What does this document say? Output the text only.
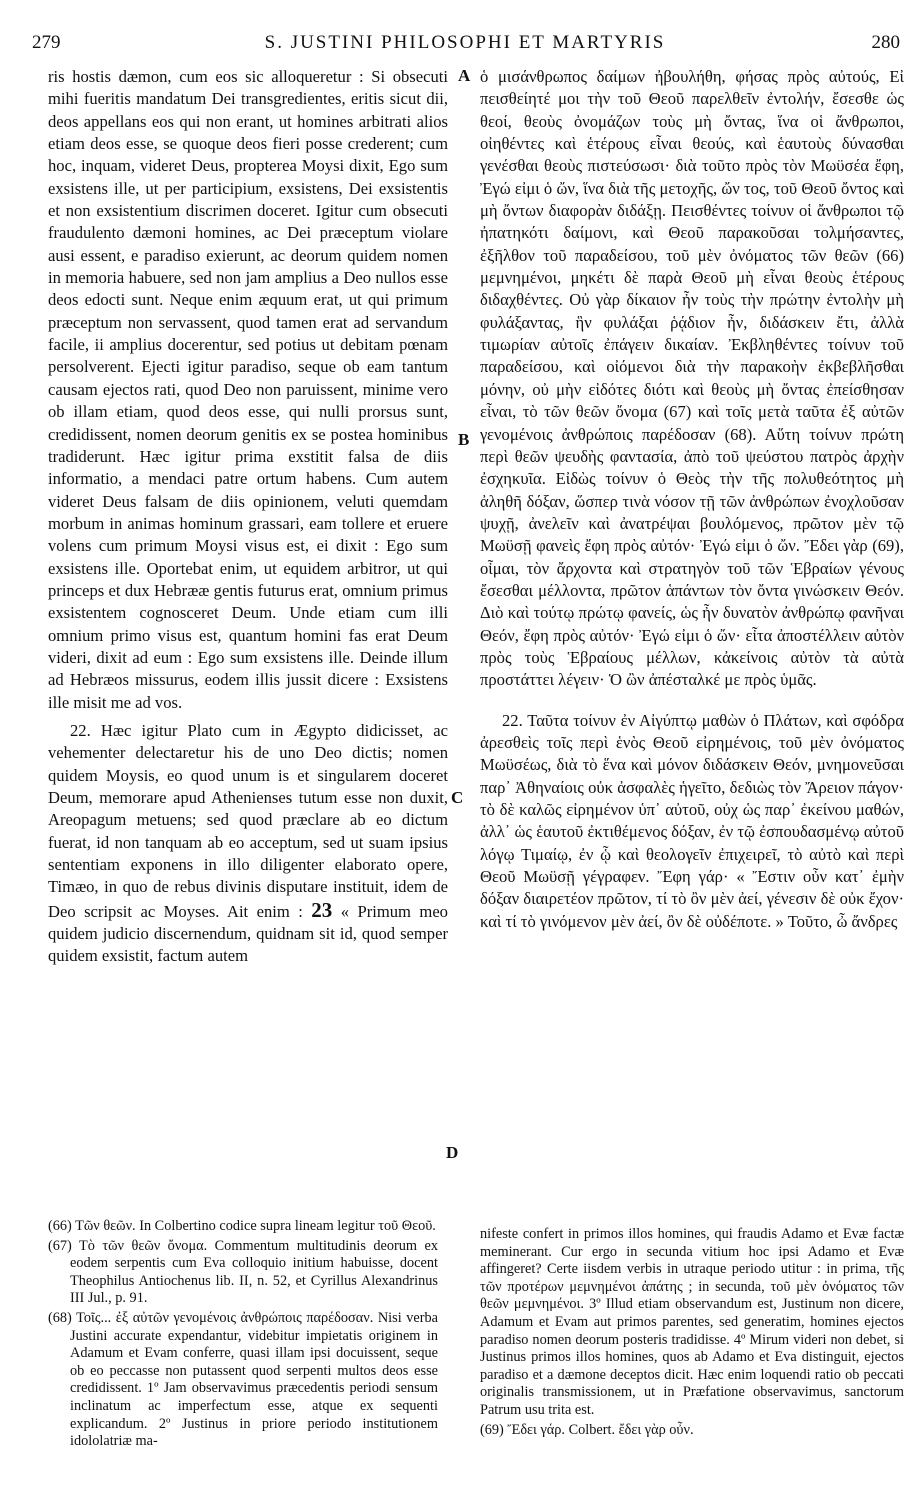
279	S. JUSTINI PHILOSOPHI ET MARTYRIS	280
A
B
C
D

ris hostis dæmon, cum eos sic alloqueretur : Si obsecuti mihi fueritis mandatum Dei transgredientes, eritis sicut dii, deos appellans eos qui non erant, ut homines arbitrati alios etiam deos esse, se quoque deos fieri posse crederent; cum hoc, inquam, videret Deus, propterea Moysi dixit, Ego sum exsistens ille, ut per participium, exsistens, Dei exsistentis et non exsistentium discrimen doceret. Igitur cum obsecuti fraudulento dæmoni homines, ac Dei præceptum violare ausi essent, e paradiso exierunt, ac deorum quidem nomen in memoria habuere, sed non jam amplius a Deo nullos esse deos edocti sunt. Neque enim æquum erat, ut qui primum præceptum non servassent, quod tamen erat ad servandum facile, ii amplius docerentur, sed potius ut debitam pœnam persolverent. Ejecti igitur paradiso, seque ob eam tantum causam ejectos rati, quod Deo non paruissent, minime vero ob illam etiam, quod deos esse, qui nulli prorsus sunt, credidissent, nomen deorum genitis ex se postea hominibus tradiderunt. Hæc igitur prima exstitit falsa de diis informatio, a mendaci patre ortum habens. Cum autem videret Deus falsam de diis opinionem, veluti quemdam morbum in animas hominum grassari, eam tollere et eruere volens cum primum Moysi visus est, ei dixit : Ego sum exsistens ille. Oportebat enim, ut equidem arbitror, ut qui princeps et dux Hebrææ gentis futurus erat, omnium primus exsistentem cognosceret Deum. Unde etiam cum illi omnium primo visus est, quantum homini fas erat Deum videri, dixit ad eum : Ego sum exsistens ille. Deinde illum ad Hebræos missurus, eodem illis jussit dicere : Exsistens ille misit me ad vos.

22. Hæc igitur Plato cum in Ægypto didicisset, ac vehementer delectaretur his de uno Deo dictis; nomen quidem Moysis, eo quod unum is et singularem doceret Deum, memorare apud Athenienses tutum esse non duxit, Areopagum metuens; sed quod præclare ab eo dictum fuerat, id non tanquam ab eo acceptum, sed ut suam ipsius sententiam exponens in illo diligenter elaborato opere, Timæo, in quo de rebus divinis disputare instituit, idem de Deo scripsit ac Moyses. Ait enim : 23 « Primum meo quidem judicio discernendum, quidnam sit id, quod semper quidem exsistit, factum autem

ὁ μισάνθρωπος δαίμων ἠβουλήθη, φήσας πρὸς αὐτούς, Εἰ πεισθείητέ μοι τὴν τοῦ Θεοῦ παρελθεῖν ἐντολήν, ἔσεσθε ὡς θεοί, θεοὺς ὀνομάζων τοὺς μὴ ὄντας, ἵνα οἱ ἄνθρωποι, οἰηθέντες καὶ ἑτέρους εἶναι θεούς, καὶ ἑαυτοὺς δύνασθαι γενέσθαι θεοὺς πιστεύσωσι· διὰ τοῦτο πρὸς τὸν Μωϋσέα ἔφη, Ἐγώ εἰμι ὁ ὤν, ἵνα διὰ τῆς μετοχῆς, ὤν τος, τοῦ Θεοῦ ὄντος καὶ μὴ ὄντων διαφορὰν διδάξῃ. Πεισθέντες τοίνυν οἱ ἄνθρωποι τῷ ἠπατηκότι δαίμονι, καὶ Θεοῦ παρακοῦσαι τολμήσαντες, ἐξῆλθον τοῦ παραδείσου, τοῦ μὲν ὀνόματος τῶν θεῶν (66) μεμνημένοι, μηκέτι δὲ παρὰ Θεοῦ μὴ εἶναι θεοὺς ἑτέρους διδαχθέντες. Οὐ γὰρ δίκαιον ἦν τοὺς τὴν πρώτην ἐντολὴν μὴ φυλάξαντας, ἣν φυλάξαι ῥᾴδιον ἦν, διδάσκειν ἔτι, ἀλλὰ τιμωρίαν αὐτοῖς ἐπάγειν δικαίαν. Ἐκβληθέντες τοίνυν τοῦ παραδείσου, καὶ οἰόμενοι διὰ τὴν παρακοὴν ἐκβεβλῆσθαι μόνην, οὐ μὴν εἰδότες διότι καὶ θεοὺς μὴ ὄντας ἐπείσθησαν εἶναι, τὸ τῶν θεῶν ὄνομα (67) καὶ τοῖς μετὰ ταῦτα ἐξ αὐτῶν γενομένοις ἀνθρώποις παρέδοσαν (68). Αὕτη τοίνυν πρώτη περὶ θεῶν ψευδὴς φαντασία, ἀπὸ τοῦ ψεύστου πατρὸς ἀρχὴν ἐσχηκυῖα. Εἰδὼς τοίνυν ὁ Θεὸς τὴν τῆς πολυθεότητος μὴ ἀληθῆ δόξαν, ὥσπερ τινὰ νόσον τῇ τῶν ἀνθρώπων ἐνοχλοῦσαν ψυχῇ, ἀνελεῖν καὶ ἀνατρέψαι βουλόμενος, πρῶτον μὲν τῷ Μωϋσῇ φανεὶς ἔφη πρὸς αὐτόν· Ἐγώ εἰμι ὁ ὤν. Ἔδει γὰρ (69), οἶμαι, τὸν ἄρχοντα καὶ στρατηγὸν τοῦ τῶν Ἑβραίων γένους ἔσεσθαι μέλλοντα, πρῶτον ἁπάντων τὸν ὄντα γινώσκειν Θεόν. Διὸ καὶ τούτῳ πρώτῳ φανείς, ὡς ἦν δυνατὸν ἀνθρώπῳ φανῆναι Θεόν, ἔφη πρὸς αὐτόν· Ἐγώ εἰμι ὁ ὤν· εἶτα ἀποστέλλειν αὐτὸν πρὸς τοὺς Ἑβραίους μέλλων, κἀκείνοις αὐτὸν τὰ αὐτὰ προστάττει λέγειν· Ὁ ὢν ἀπέσταλκέ με πρὸς ὑμᾶς.

22. Ταῦτα τοίνυν ἐν Αἰγύπτῳ μαθὼν ὁ Πλάτων, καὶ σφόδρα ἀρεσθεὶς τοῖς περὶ ἑνὸς Θεοῦ εἰρημένοις, τοῦ μὲν ὀνόματος Μωϋσέως, διὰ τὸ ἕνα καὶ μόνον διδάσκειν Θεόν, μνημονεῦσαι παρ᾽ Ἀθηναίοις οὐκ ἀσφαλὲς ἡγεῖτο, δεδιὼς τὸν Ἄρειον πάγον· τὸ δὲ καλῶς εἰρημένον ὑπ᾽ αὐτοῦ, οὐχ ὡς παρ᾽ ἐκείνου μαθών, ἀλλ᾽ ὡς ἑαυτοῦ ἐκτιθέμενος δόξαν, ἐν τῷ ἐσπουδασμένῳ αὐτοῦ λόγῳ Τιμαίῳ, ἐν ᾧ καὶ θεολογεῖν ἐπιχειρεῖ, τὸ αὐτὸ καὶ περὶ Θεοῦ Μωϋσῇ γέγραφεν. Ἔφη γάρ· « Ἔστιν οὖν κατ᾽ ἐμὴν δόξαν διαιρετέον πρῶτον, τί τὸ ὂν μὲν ἀεί, γένεσιν δὲ οὐκ ἔχον· καὶ τί τὸ γινόμενον μὲν ἀεί, ὂν δὲ οὐδέποτε. » Τοῦτο, ὦ ἄνδρες

(66) Τῶν θεῶν. In Colbertino codice supra lineam legitur τοῦ Θεοῦ.

(67) Τὸ τῶν θεῶν ὄνομα. Commentum multitudinis deorum ex eodem serpentis cum Eva colloquio initium habuisse, docent Theophilus Antiochenus lib. II, n. 52, et Cyrillus Alexandrinus III Jul., p. 91.

(68) Τοῖς... ἐξ αὐτῶν γενομένοις ἀνθρώποις παρέδοσαν. Nisi verba Justini accurate expendantur, videbitur impietatis originem in Adamum et Evam conferre, quasi illam ipsi docuissent, seque ob eo peccasse non putassent quod serpenti multos deos esse credidissent. 1º Jam observavimus præcedentis periodi sensum inclinatum ac imperfectum esse, atque ex sequenti explicandum. 2º Justinus in priore periodo institutionem idololatriæ ma-

nifeste confert in primos illos homines, qui fraudis Adamo et Evæ factæ meminerant. Cur ergo in secunda vitium hoc ipsi Adamo et Evæ affingeret? Certe iisdem verbis in utraque periodo utitur : in prima, τῆς τῶν προτέρων μεμνημένοι ἀπάτης ; in secunda, τοῦ μὲν ὀνόματος τῶν θεῶν μεμνημένοι. 3º Illud etiam observandum est, Justinum non dicere, Adamum et Evam aut primos parentes, sed generatim, homines ejectos paradiso nomen deorum posteris tradidisse. 4º Mirum videri non debet, si Justinus primos illos homines, quos ab Adamo et Eva distinguit, ejectos paradiso et a dæmone deceptos dicit. Hæc enim loquendi ratio ob peccati originalis transmissionem, ut in Præfatione observavimus, sanctorum Patrum usu trita est.

(69) Ἔδει γάρ. Colbert. ἔδει γὰρ οὖν.
